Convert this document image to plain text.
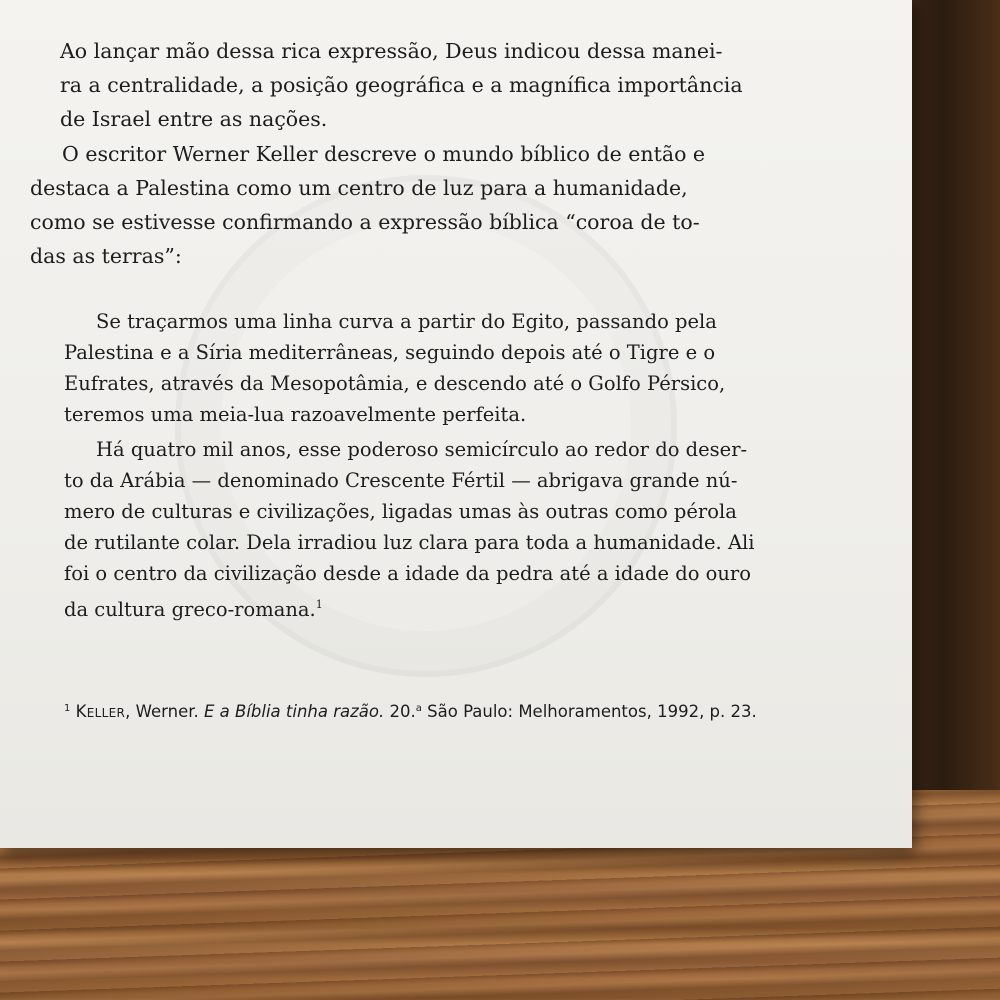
Ao lançar mão dessa rica expressão, Deus indicou dessa manei-
ra a centralidade, a posição geográfica e a magnífica importância
de Israel entre as nações.
O escritor Werner Keller descreve o mundo bíblico de então e
destaca a Palestina como um centro de luz para a humanidade,
como se estivesse confirmando a expressão bíblica “coroa de to-
das as terras”:
Se traçarmos uma linha curva a partir do Egito, passando pela
Palestina e a Síria mediterrâneas, seguindo depois até o Tigre e o
Eufrates, através da Mesopotâmia, e descendo até o Golfo Pérsico,
teremos uma meia-lua razoavelmente perfeita.
Há quatro mil anos, esse poderoso semicírculo ao redor do deser-
to da Arábia — denominado Crescente Fértil — abrigava grande nú-
mero de culturas e civilizações, ligadas umas às outras como pérola
de rutilante colar. Dela irradiou luz clara para toda a humanidade. Ali
foi o centro da civilização desde a idade da pedra até a idade do ouro
da cultura greco-romana.$^1$
$^1$ Keller, Werner. E a Bíblia tinha razão. 20.$^a$ São Paulo: Melhoramentos, 1992, p. 23.
